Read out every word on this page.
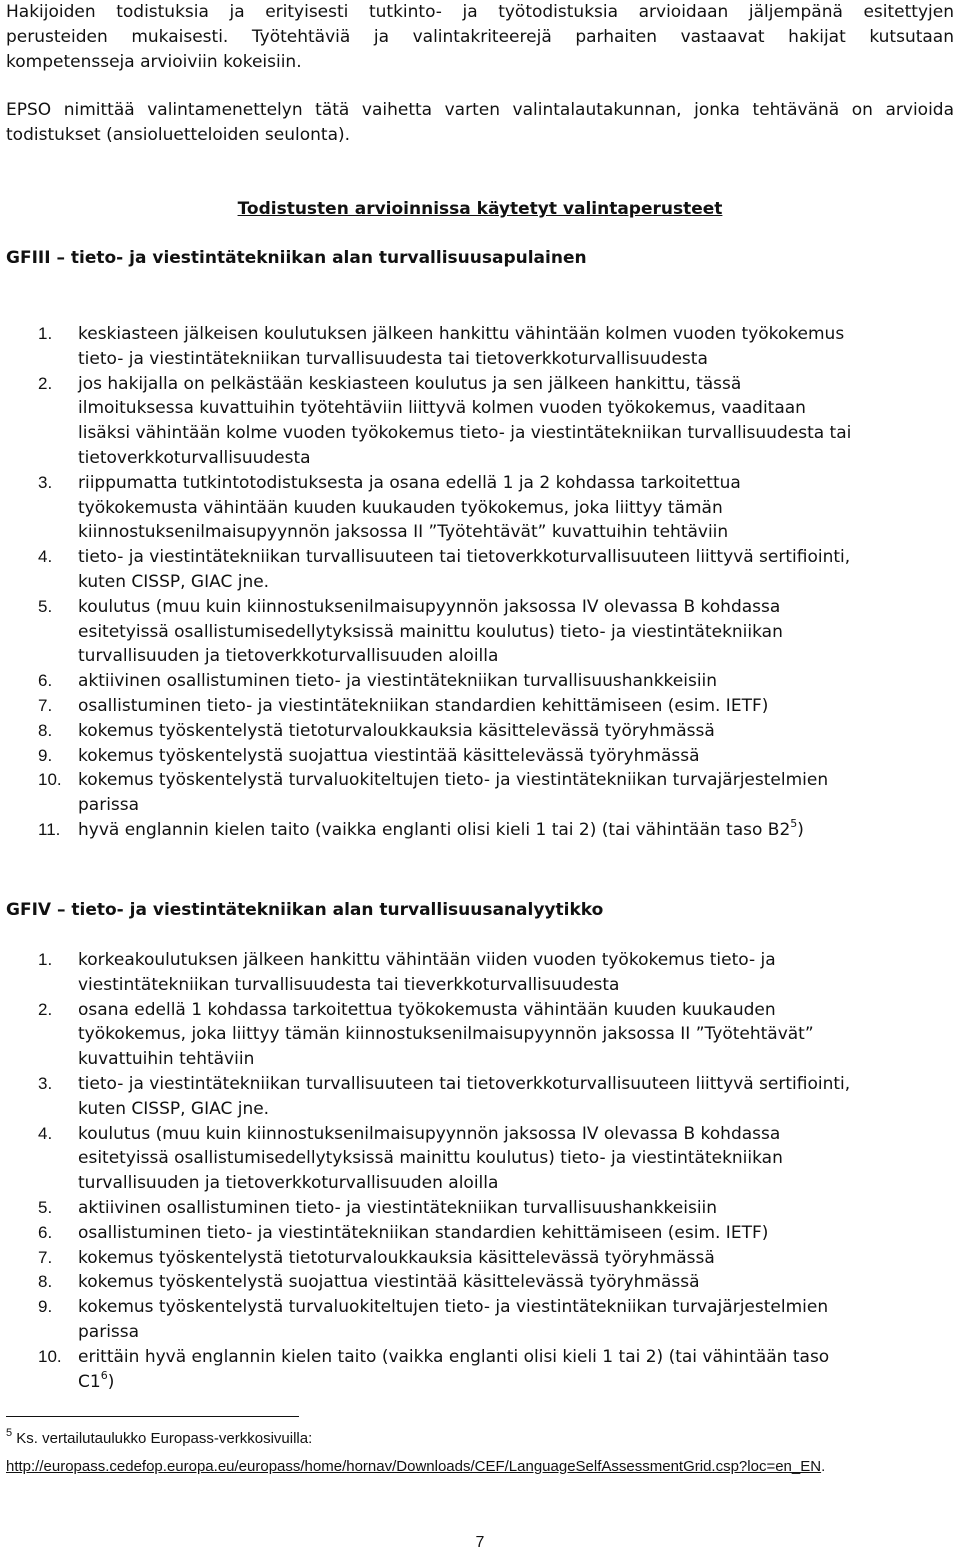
Hakijoiden todistuksia ja erityisesti tutkinto- ja työtodistuksia arvioidaan jäljempänä esitettyjen
perusteiden mukaisesti. Työtehtäviä ja valintakriteerejä parhaiten vastaavat hakijat kutsutaan
kompetensseja arvioiviin kokeisiin.
EPSO nimittää valintamenettelyn tätä vaihetta varten valintalautakunnan, jonka tehtävänä on arvioida
todistukset (ansioluetteloiden seulonta).
Todistusten arvioinnissa käytetyt valintaperusteet
GFIII – tieto- ja viestintätekniikan alan turvallisuusapulainen
1.	keskiasteen jälkeisen koulutuksen jälkeen hankittu vähintään kolmen vuoden työkokemus
tieto- ja viestintätekniikan turvallisuudesta tai tietoverkkoturvallisuudesta
2.	jos hakijalla on pelkästään keskiasteen koulutus ja sen jälkeen hankittu, tässä
ilmoituksessa kuvattuihin työtehtäviin liittyvä kolmen vuoden työkokemus, vaaditaan
lisäksi vähintään kolme vuoden työkokemus tieto- ja viestintätekniikan turvallisuudesta tai
tietoverkkoturvallisuudesta
3.	riippumatta tutkintotodistuksesta ja osana edellä 1 ja 2 kohdassa tarkoitettua
työkokemusta vähintään kuuden kuukauden työkokemus, joka liittyy tämän
kiinnostuksenilmaisupyynnön jaksossa II ”Työtehtävät” kuvattuihin tehtäviin
4.	tieto- ja viestintätekniikan turvallisuuteen tai tietoverkkoturvallisuuteen liittyvä sertifiointi,
kuten CISSP, GIAC jne.
5.	koulutus (muu kuin kiinnostuksenilmaisupyynnön jaksossa IV olevassa B kohdassa
esitetyissä osallistumisedellytyksissä mainittu koulutus) tieto- ja viestintätekniikan
turvallisuuden ja tietoverkkoturvallisuuden aloilla
6.	aktiivinen osallistuminen tieto- ja viestintätekniikan turvallisuushankkeisiin
7.	osallistuminen tieto- ja viestintätekniikan standardien kehittämiseen (esim. IETF)
8.	kokemus työskentelystä tietoturvaloukkauksia käsittelevässä työryhmässä
9.	kokemus työskentelystä suojattua viestintää käsittelevässä työryhmässä
10. kokemus työskentelystä turvaluokiteltujen tieto- ja viestintätekniikan turvajärjestelmien
parissa
11.	hyvä englannin kielen taito (vaikka englanti olisi kieli 1 tai 2) (tai vähintään taso $B2^5$)
GFIV – tieto- ja viestintätekniikan alan turvallisuusanalyytikko
1.	korkeakoulutuksen jälkeen hankittu vähintään viiden vuoden työkokemus tieto- ja
viestintätekniikan turvallisuudesta tai tieverkkoturvallisuudesta
2.	osana edellä 1 kohdassa tarkoitettua työkokemusta vähintään kuuden kuukauden
työkokemus, joka liittyy tämän kiinnostuksenilmaisupyynnön jaksossa II ”Työtehtävät”
kuvattuihin tehtäviin
3.	tieto- ja viestintätekniikan turvallisuuteen tai tietoverkkoturvallisuuteen liittyvä sertifiointi,
kuten CISSP, GIAC jne.
4.	koulutus (muu kuin kiinnostuksenilmaisupyynnön jaksossa IV olevassa B kohdassa
esitetyissä osallistumisedellytyksissä mainittu koulutus) tieto- ja viestintätekniikan
turvallisuuden ja tietoverkkoturvallisuuden aloilla
5.	aktiivinen osallistuminen tieto- ja viestintätekniikan turvallisuushankkeisiin
6.	osallistuminen tieto- ja viestintätekniikan standardien kehittämiseen (esim. IETF)
7.	kokemus työskentelystä tietoturvaloukkauksia käsittelevässä työryhmässä
8.	kokemus työskentelystä suojattua viestintää käsittelevässä työryhmässä
9.	kokemus työskentelystä turvaluokiteltujen tieto- ja viestintätekniikan turvajärjestelmien
parissa
10. erittäin hyvä englannin kielen taito (vaikka englanti olisi kieli 1 tai 2) (tai vähintään taso
$C1^6$)
$^5$ Ks. vertailutaulukko Europass-verkkosivuilla:
http://europass.cedefop.europa.eu/europass/home/hornav/Downloads/CEF/LanguageSelfAssessmentGrid.csp?loc=en_EN.
7
